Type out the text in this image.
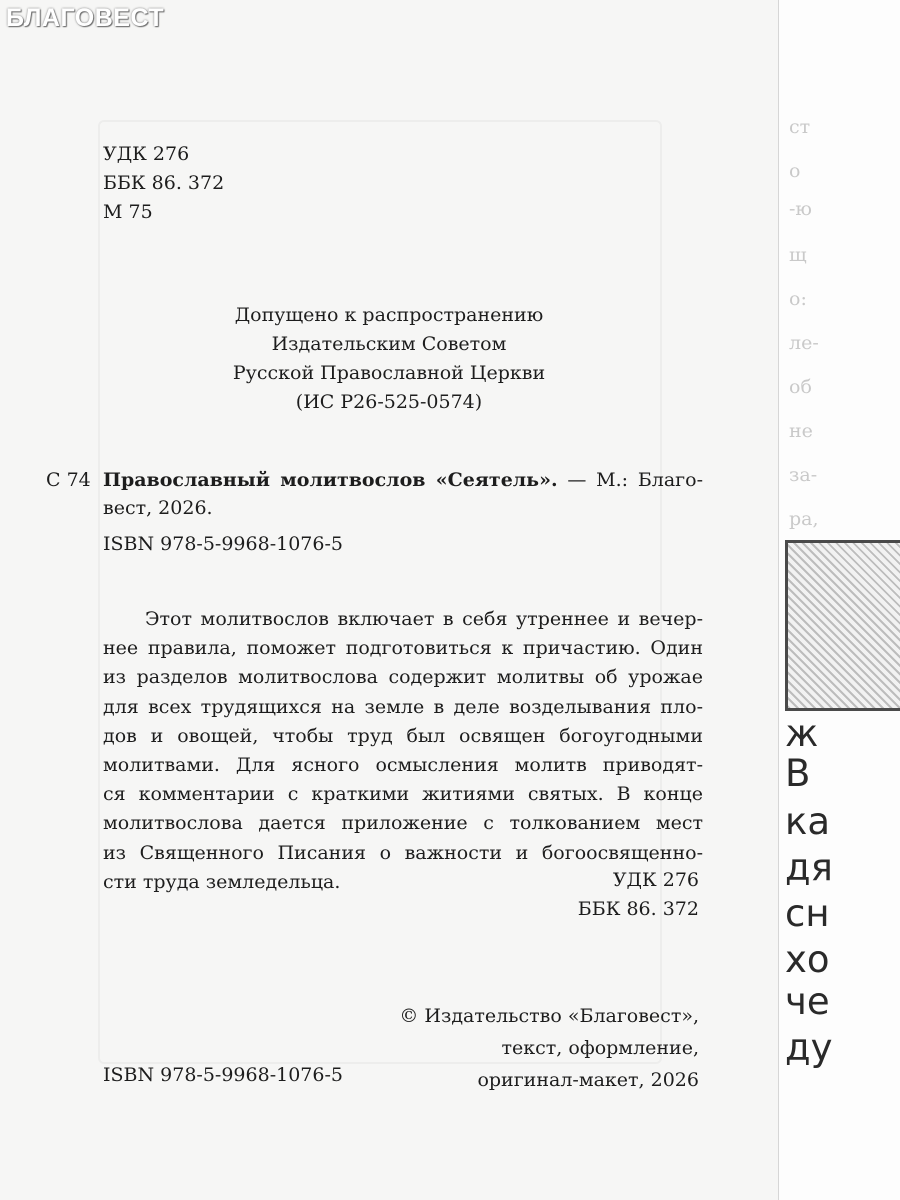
УДК 276
ББК 86. 372
М 75
Допущено к распространению
Издательским Советом
Русской Православной Церкви
(ИС Р26-525-0574)
С 74 Православный молитвослов «Сеятель». — М.: Благо-
вест, 2026.
ISBN 978-5-9968-1076-5
Этот молитвослов включает в себя утреннее и вечер-
нее правила, поможет подготовиться к причастию. Один
из разделов молитвослова содержит молитвы об урожае
для всех трудящихся на земле в деле возделывания пло-
дов и овощей, чтобы труд был освящен богоугодными
молитвами. Для ясного осмысления молитв приводят-
ся комментарии с краткими житиями святых. В конце
молитвослова дается приложение с толкованием мест
из Священного Писания о важности и богоосвященно-
сти труда земледельца.	УДК 276
ББК 86. 372
© Издательство «Благовест»,
текст, оформление,
оригинал-макет, 2026
ISBN 978-5-9968-1076-5
ст
о
-ю
щ
о:
ле-
об
не
за-
ра,
ж
В
ка
дя
сн
хо
че
ду
БЛАГОВЕСТ
